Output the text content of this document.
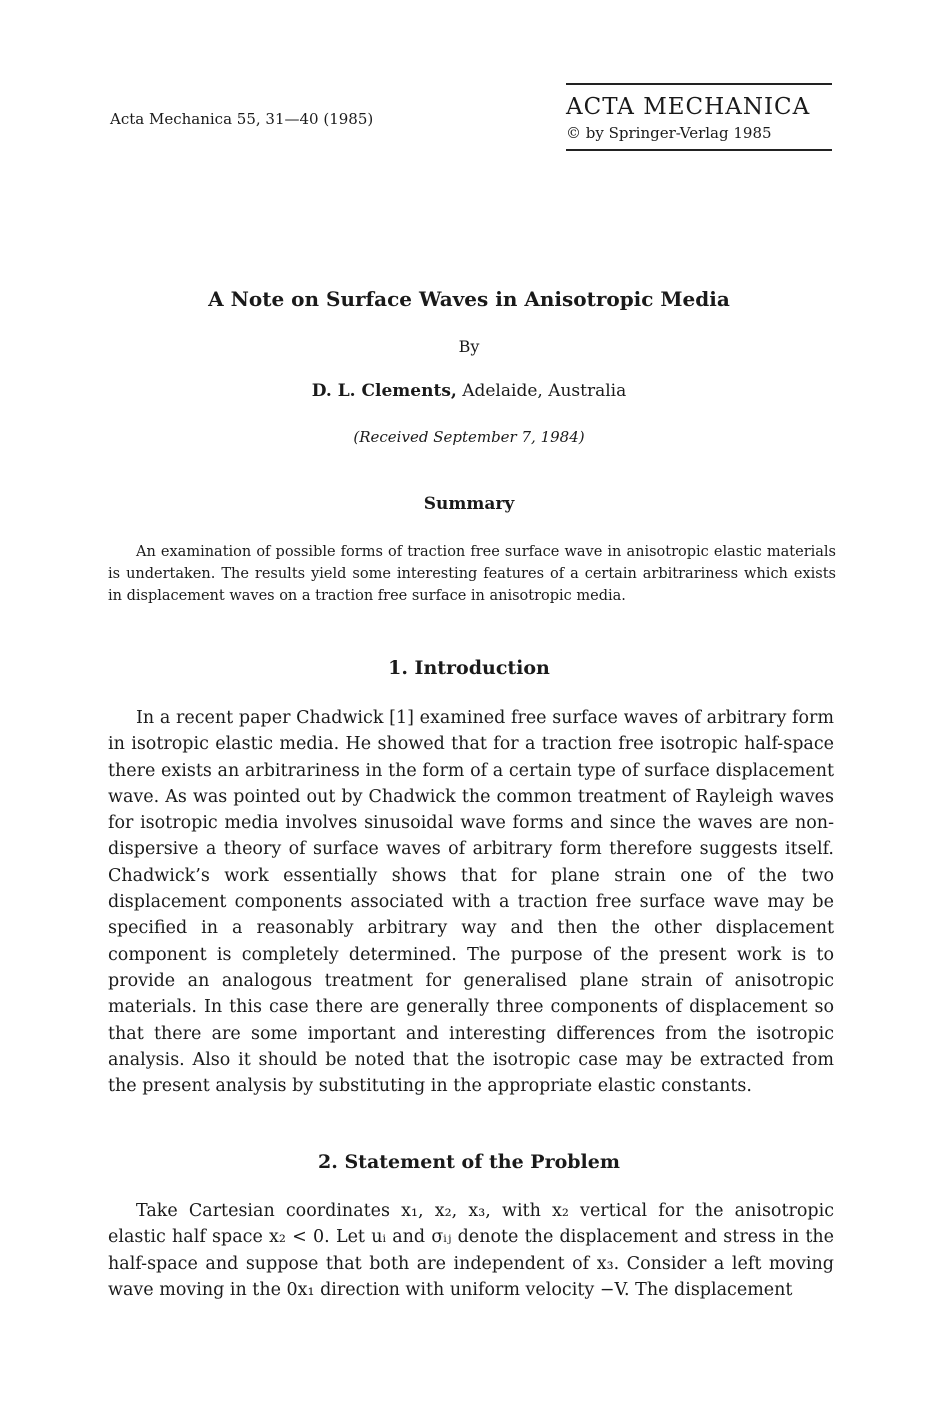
Acta Mechanica 55, 31—40 (1985)	ACTA MECHANICA
© by Springer-Verlag 1985
A Note on Surface Waves in Anisotropic Media
By
D. L. Clements, Adelaide, Australia
(Received September 7, 1984)
Summary
An examination of possible forms of traction free surface wave in anisotropic elastic materials is undertaken. The results yield some interesting features of a certain arbitrariness which exists in displacement waves on a traction free surface in anisotropic media.
1. Introduction
In a recent paper Chadwick [1] examined free surface waves of arbitrary form in isotropic elastic media. He showed that for a traction free isotropic half-space there exists an arbitrariness in the form of a certain type of surface displacement wave. As was pointed out by Chadwick the common treatment of Rayleigh waves for isotropic media involves sinusoidal wave forms and since the waves are non-dispersive a theory of surface waves of arbitrary form therefore suggests itself. Chadwick’s work essentially shows that for plane strain one of the two displacement components associated with a traction free surface wave may be specified in a reasonably arbitrary way and then the other displacement component is completely determined. The purpose of the present work is to provide an analogous treatment for generalised plane strain of anisotropic materials. In this case there are generally three components of displacement so that there are some important and interesting differences from the isotropic analysis. Also it should be noted that the isotropic case may be extracted from the present analysis by substituting in the appropriate elastic constants.
2. Statement of the Problem
Take Cartesian coordinates x₁, x₂, x₃, with x₂ vertical for the anisotropic elastic half space x₂ < 0. Let uᵢ and σᵢⱼ denote the displacement and stress in the half-space and suppose that both are independent of x₃. Consider a left moving wave moving in the 0x₁ direction with uniform velocity −V. The displacement
